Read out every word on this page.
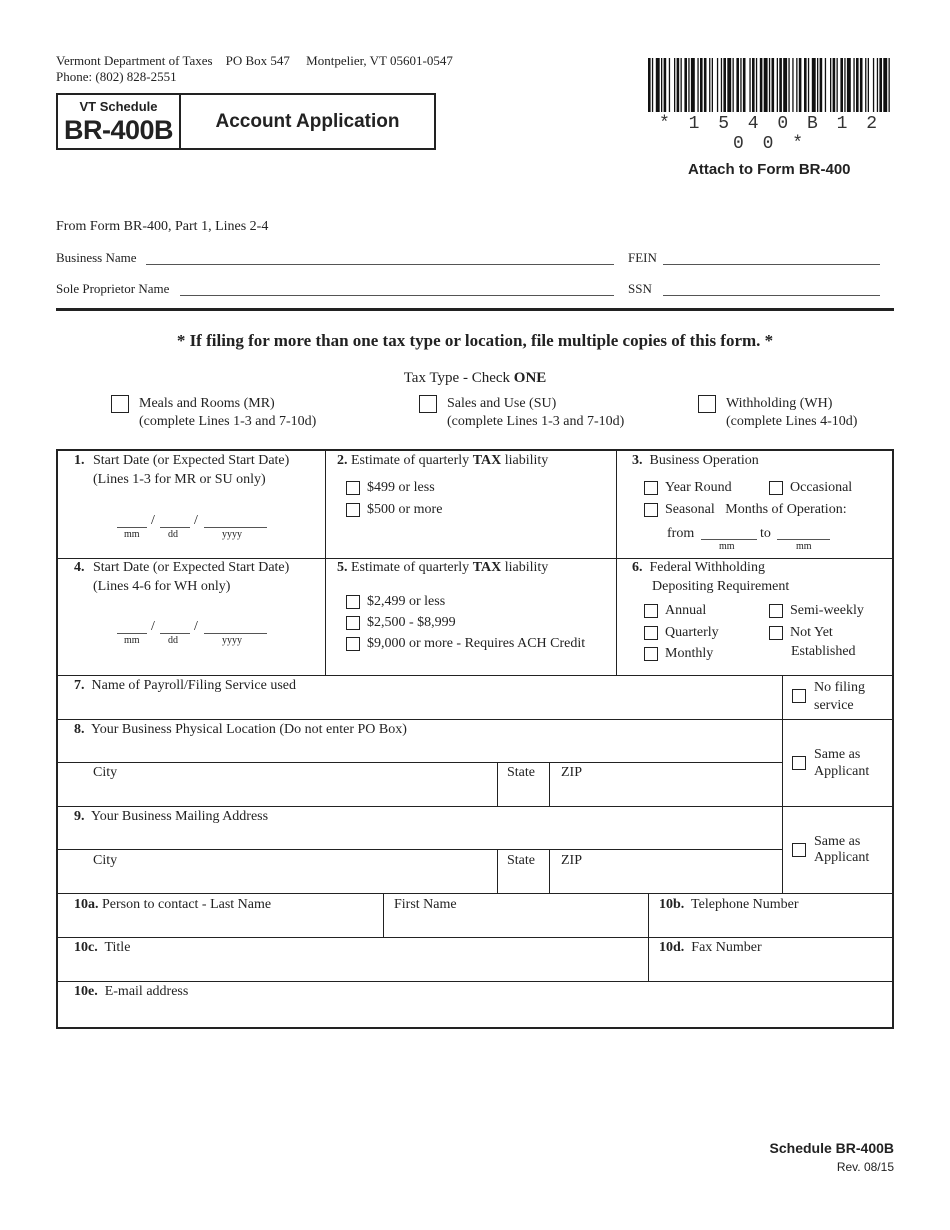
Vermont Department of Taxes PO Box 547 Montpelier, VT 05601-0547
Phone: (802) 828-2551
VT Schedule
BR-400B	Account Application	* 1 5 4 0 B 1 2 0 0 *
Attach to Form BR-400
From Form BR-400, Part 1, Lines 2-4
Business Name	FEIN
Sole Proprietor Name	SSN
* If filing for more than one tax type or location, file multiple copies of this form. *
Tax Type - Check ONE
Meals and Rooms (MR)
(complete Lines 1-3 and 7-10d)
Sales and Use (SU)
(complete Lines 1-3 and 7-10d)
Withholding (WH)
(complete Lines 4-10d)
1. Start Date (or Expected Start Date)
(Lines 1-3 for MR or SU only)
/	/
mm	dd	yyyy
2. Estimate of quarterly TAX liability
$499 or less
$500 or more
3. Business Operation
Year Round	Occasional
Seasonal
Months of Operation:
from	to
mm	mm
4. Start Date (or Expected Start Date)
(Lines 4-6 for WH only)
/	/
mm	dd	yyyy
5. Estimate of quarterly TAX liability
$2,499 or less
$2,500 - $8,999
$9,000 or more - Requires ACH Credit
6. Federal Withholding
Depositing Requirement
Annual	Semi-weekly
Quarterly	Not Yet
Established
Monthly
7. Name of Payroll/Filing Service used	No filing
service
8. Your Business Physical Location (Do not enter PO Box)
City	State ZIP
Same as
Applicant
9. Your Business Mailing Address
City	State ZIP
Same as
Applicant
10a. Person to contact - Last Name	First Name	10b. Telephone Number
10c. Title	10d. Fax Number
10e. E-mail address
Schedule BR-400B
Rev. 08/15
